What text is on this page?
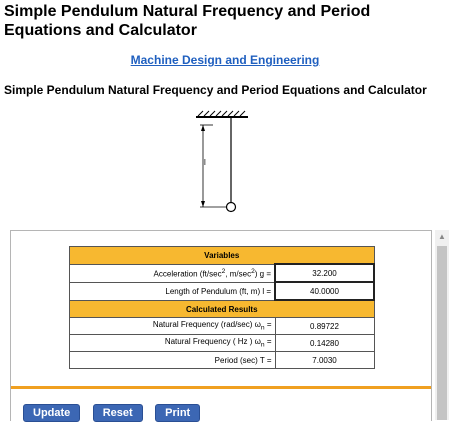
Simple Pendulum Natural Frequency and Period Equations and Calculator
Machine Design and Engineering
Simple Pendulum Natural Frequency and Period Equations and Calculator
l
Variables	
Acceleration ($ft/\sec^2$, $m/\sec^2$) g =	32.200
Length of Pendulum (ft, m) l =	40.0000
Calculated Results	
Natural Frequency (rad/sec) $\omega_n$ =	0.89722
Natural Frequency ( Hz ) $\omega_n$ =	0.14280
Period (sec) T =	7.0030
Update	Reset	Print
▲
